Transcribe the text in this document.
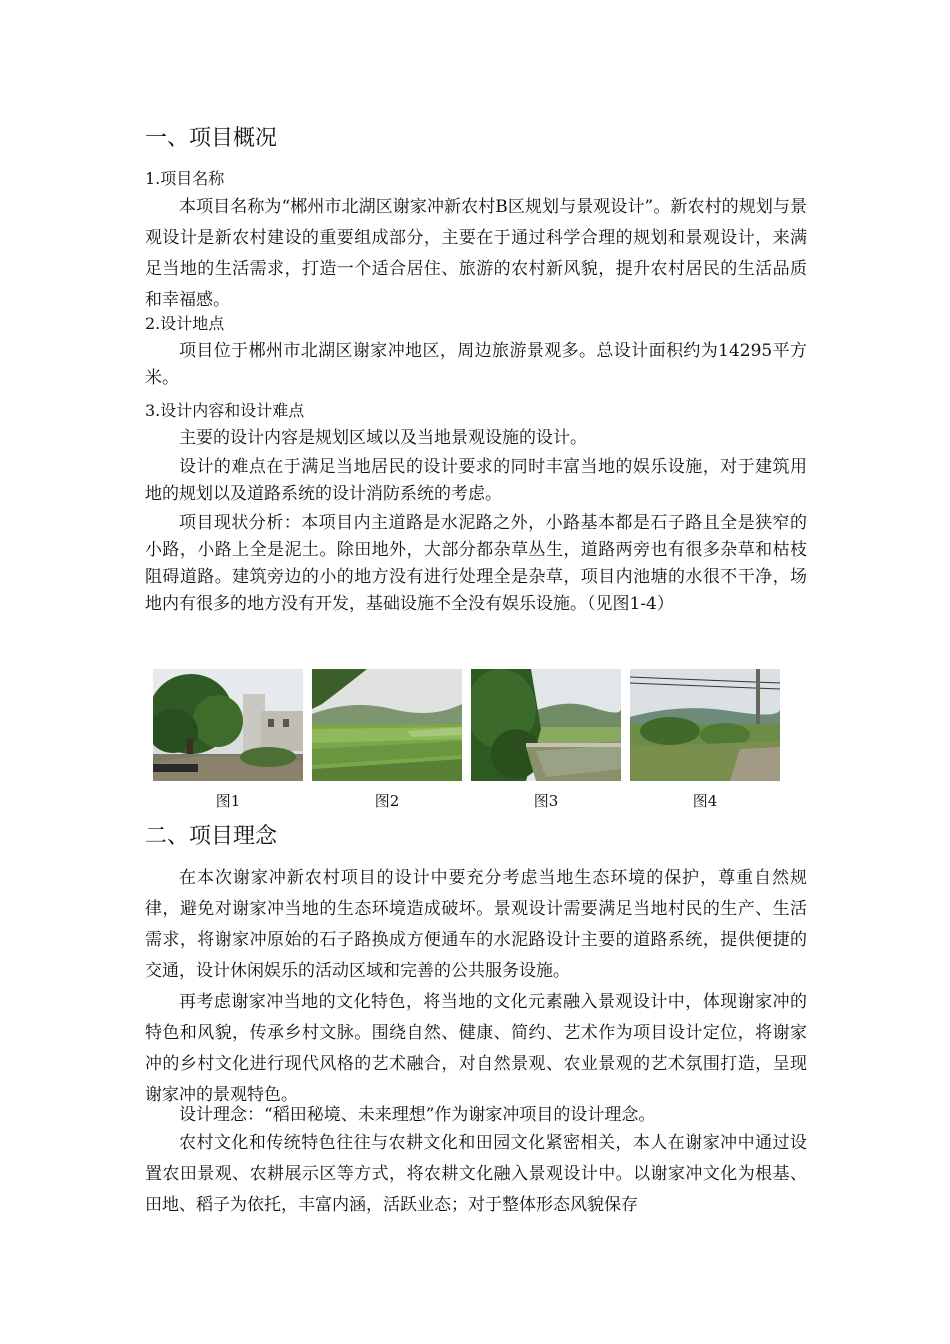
一、项目概况
1.项目名称

本项目名称为“郴州市北湖区谢家冲新农村B区规划与景观设计”。新农村的规划与景观设计是新农村建设的重要组成部分，主要在于通过科学合理的规划和景观设计，来满足当地的生活需求，打造一个适合居住、旅游的农村新风貌，提升农村居民的生活品质和幸福感。

2.设计地点

项目位于郴州市北湖区谢家冲地区，周边旅游景观多。总设计面积约为14295平方米。

3.设计内容和设计难点

主要的设计内容是规划区域以及当地景观设施的设计。

设计的难点在于满足当地居民的设计要求的同时丰富当地的娱乐设施，对于建筑用地的规划以及道路系统的设计消防系统的考虑。

项目现状分析：本项目内主道路是水泥路之外，小路基本都是石子路且全是狭窄的小路，小路上全是泥土。除田地外，大部分都杂草丛生，道路两旁也有很多杂草和枯枝阻碍道路。建筑旁边的小的地方没有进行处理全是杂草，项目内池塘的水很不干净，场地内有很多的地方没有开发，基础设施不全没有娱乐设施。（见图1-4）

图1	图2	图3	图4
二、项目理念

在本次谢家冲新农村项目的设计中要充分考虑当地生态环境的保护，尊重自然规律，避免对谢家冲当地的生态环境造成破坏。景观设计需要满足当地村民的生产、生活需求，将谢家冲原始的石子路换成方便通车的水泥路设计主要的道路系统，提供便捷的交通，设计休闲娱乐的活动区域和完善的公共服务设施。

再考虑谢家冲当地的文化特色，将当地的文化元素融入景观设计中，体现谢家冲的特色和风貌，传承乡村文脉。围绕自然、健康、简约、艺术作为项目设计定位，将谢家冲的乡村文化进行现代风格的艺术融合，对自然景观、农业景观的艺术氛围打造，呈现谢家冲的景观特色。

设计理念：“稻田秘境、未来理想”作为谢家冲项目的设计理念。

农村文化和传统特色往往与农耕文化和田园文化紧密相关，本人在谢家冲中通过设置农田景观、农耕展示区等方式，将农耕文化融入景观设计中。以谢家冲文化为根基、田地、稻子为依托，丰富内涵，活跃业态；对于整体形态风貌保存
